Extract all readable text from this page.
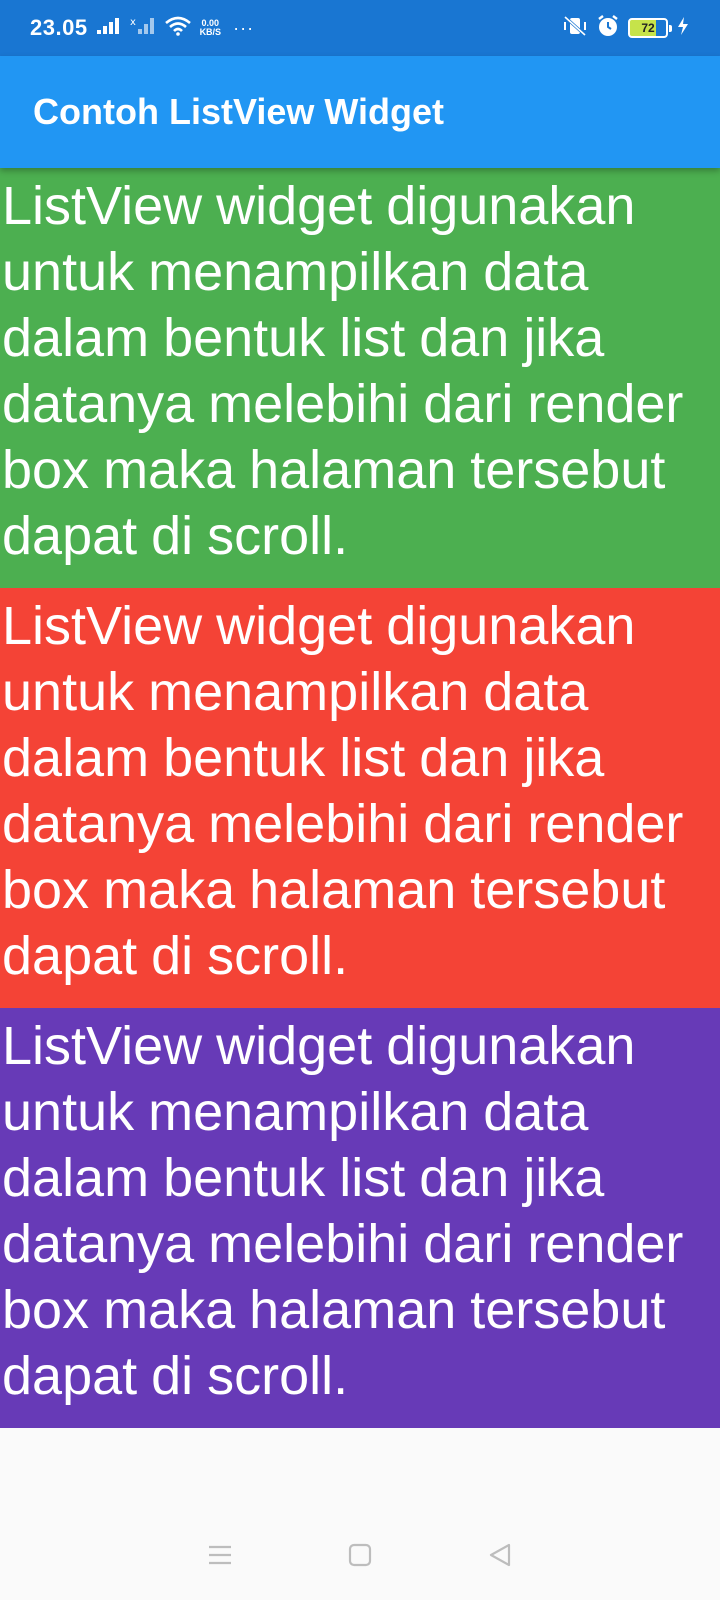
23.05	x	0.00
KB/S ···	72
Contoh ListView Widget
ListView widget digunakan untuk menampilkan data dalam bentuk list dan jika datanya melebihi dari render box maka halaman tersebut dapat di scroll.
ListView widget digunakan untuk menampilkan data dalam bentuk list dan jika datanya melebihi dari render box maka halaman tersebut dapat di scroll.
ListView widget digunakan untuk menampilkan data dalam bentuk list dan jika datanya melebihi dari render box maka halaman tersebut dapat di scroll.
